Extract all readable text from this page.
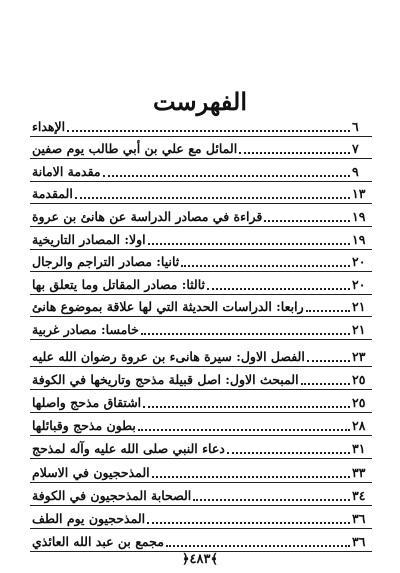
الفهرست
الإهداء	٦
المائل مع علي بن أبي طالب يوم صفين	٧
مقدمة الامانة	٩
المقدمة	١٣
قراءة في مصادر الدراسة عن هانئ بن عروة	١٩
اولا: المصادر التاريخية	١٩
ثانيا: مصادر التراجم والرجال	٢٠
ثالثا: مصادر المقاتل وما يتعلق بها	٢٠
رابعا: الدراسات الحديثة التي لها علاقة بموضوع هانئ	٢١
خامسا: مصادر غربية	٢١
الفصل الاول: سيرة هانىء بن عروة رضوان الله عليه	٢٣
المبحث الاول: اصل قبيلة مذحج وتاريخها في الكوفة	٢٥
اشتقاق مذحج واصلها	٢٥
بطون مذحج وقبائلها	٢٨
دعاء النبي صلى الله عليه وآله لمذحج	٣١
المذحجيون في الاسلام	٣٣
الصحابة المذحجيون في الكوفة	٣٤
المذحجيون يوم الطف	٣٦
مجمع بن عبد الله العائذي	٣٦
﴿٤٨٣﴾
